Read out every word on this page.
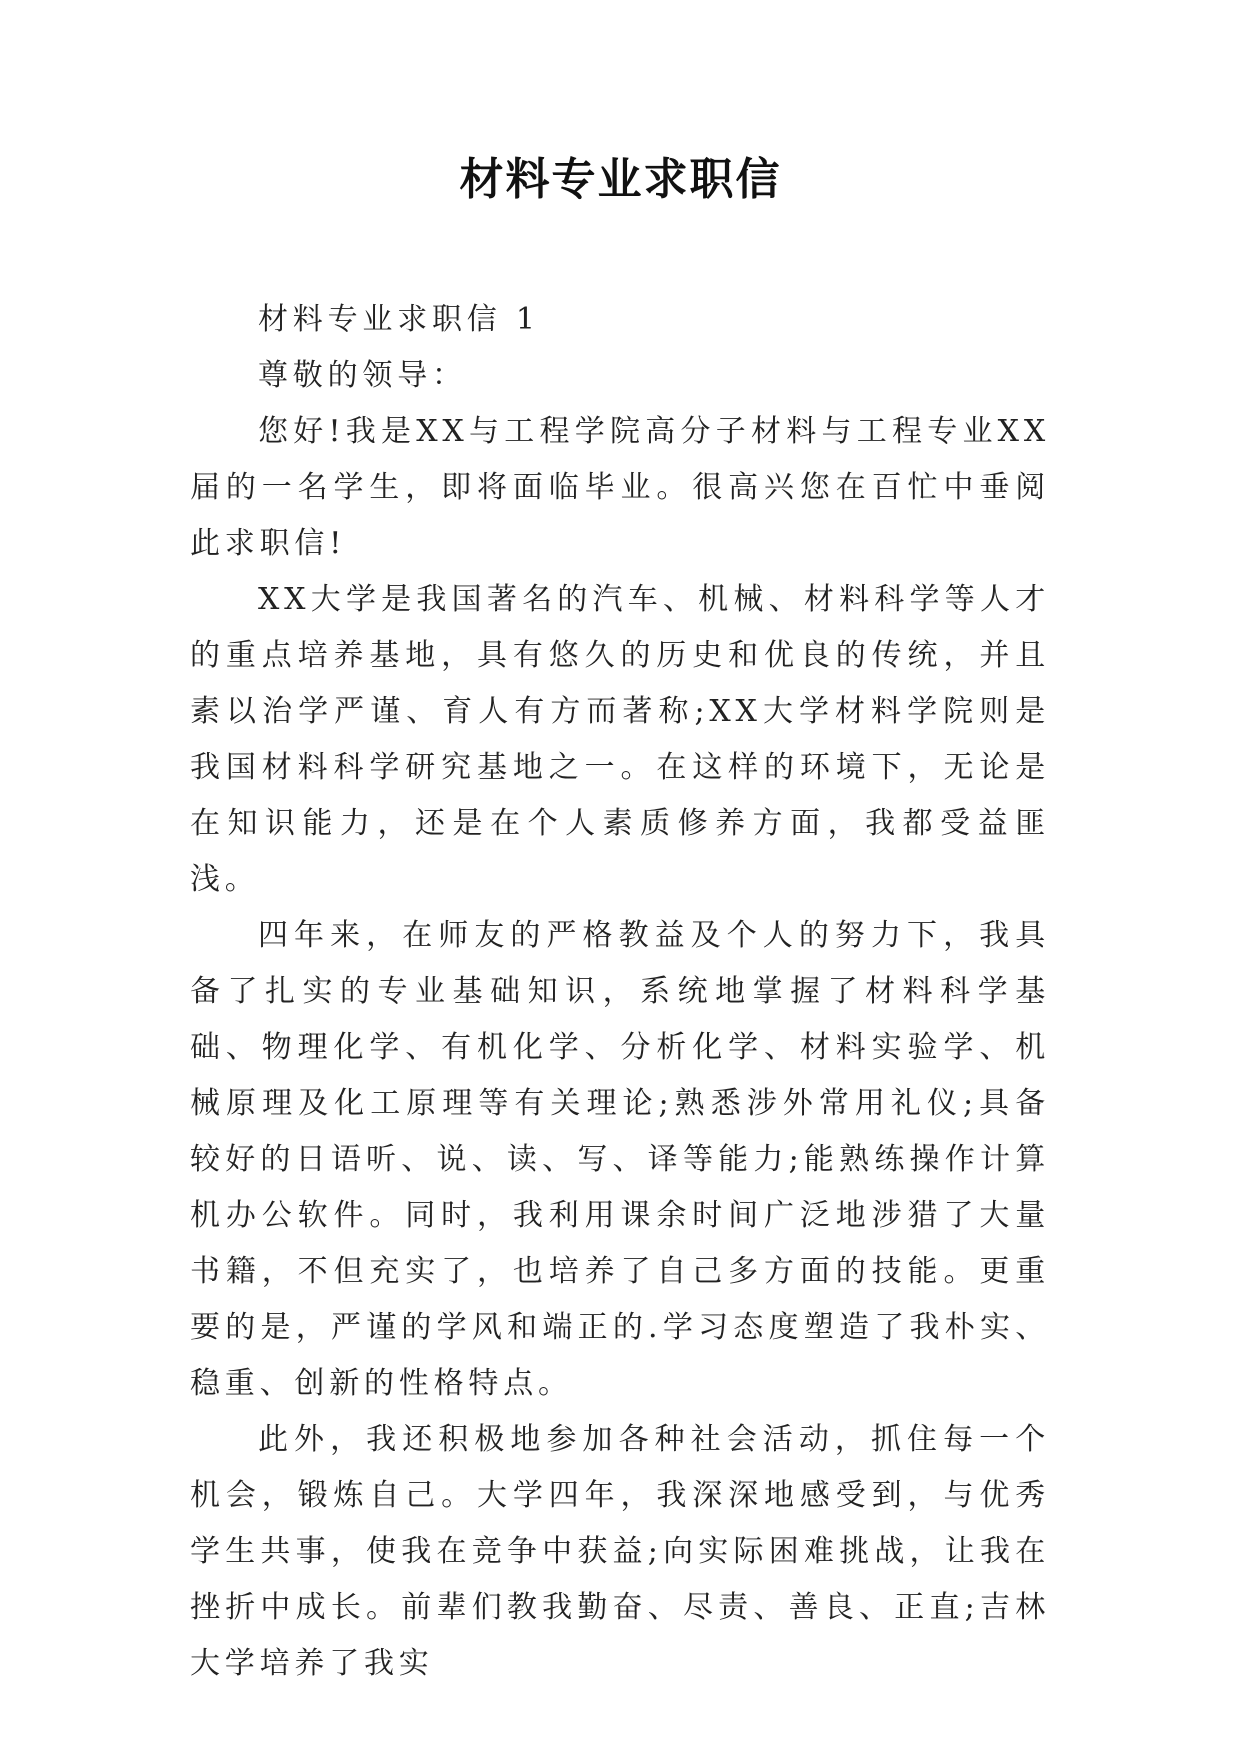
材料专业求职信

材料专业求职信 1

尊敬的领导：

您好!我是XX与工程学院高分子材料与工程专业XX届的一名学生，即将面临毕业。很高兴您在百忙中垂阅此求职信!

XX大学是我国著名的汽车、机械、材料科学等人才的重点培养基地，具有悠久的历史和优良的传统，并且素以治学严谨、育人有方而著称;XX大学材料学院则是我国材料科学研究基地之一。在这样的环境下，无论是在知识能力，还是在个人素质修养方面，我都受益匪浅。

四年来，在师友的严格教益及个人的努力下，我具备了扎实的专业基础知识，系统地掌握了材料科学基础、物理化学、有机化学、分析化学、材料实验学、机械原理及化工原理等有关理论;熟悉涉外常用礼仪;具备较好的日语听、说、读、写、译等能力;能熟练操作计算机办公软件。同时，我利用课余时间广泛地涉猎了大量书籍，不但充实了，也培养了自己多方面的技能。更重要的是，严谨的学风和端正的.学习态度塑造了我朴实、稳重、创新的性格特点。

此外，我还积极地参加各种社会活动，抓住每一个机会，锻炼自己。大学四年，我深深地感受到，与优秀学生共事，使我在竞争中获益;向实际困难挑战，让我在挫折中成长。前辈们教我勤奋、尽责、善良、正直;吉林大学培养了我实
